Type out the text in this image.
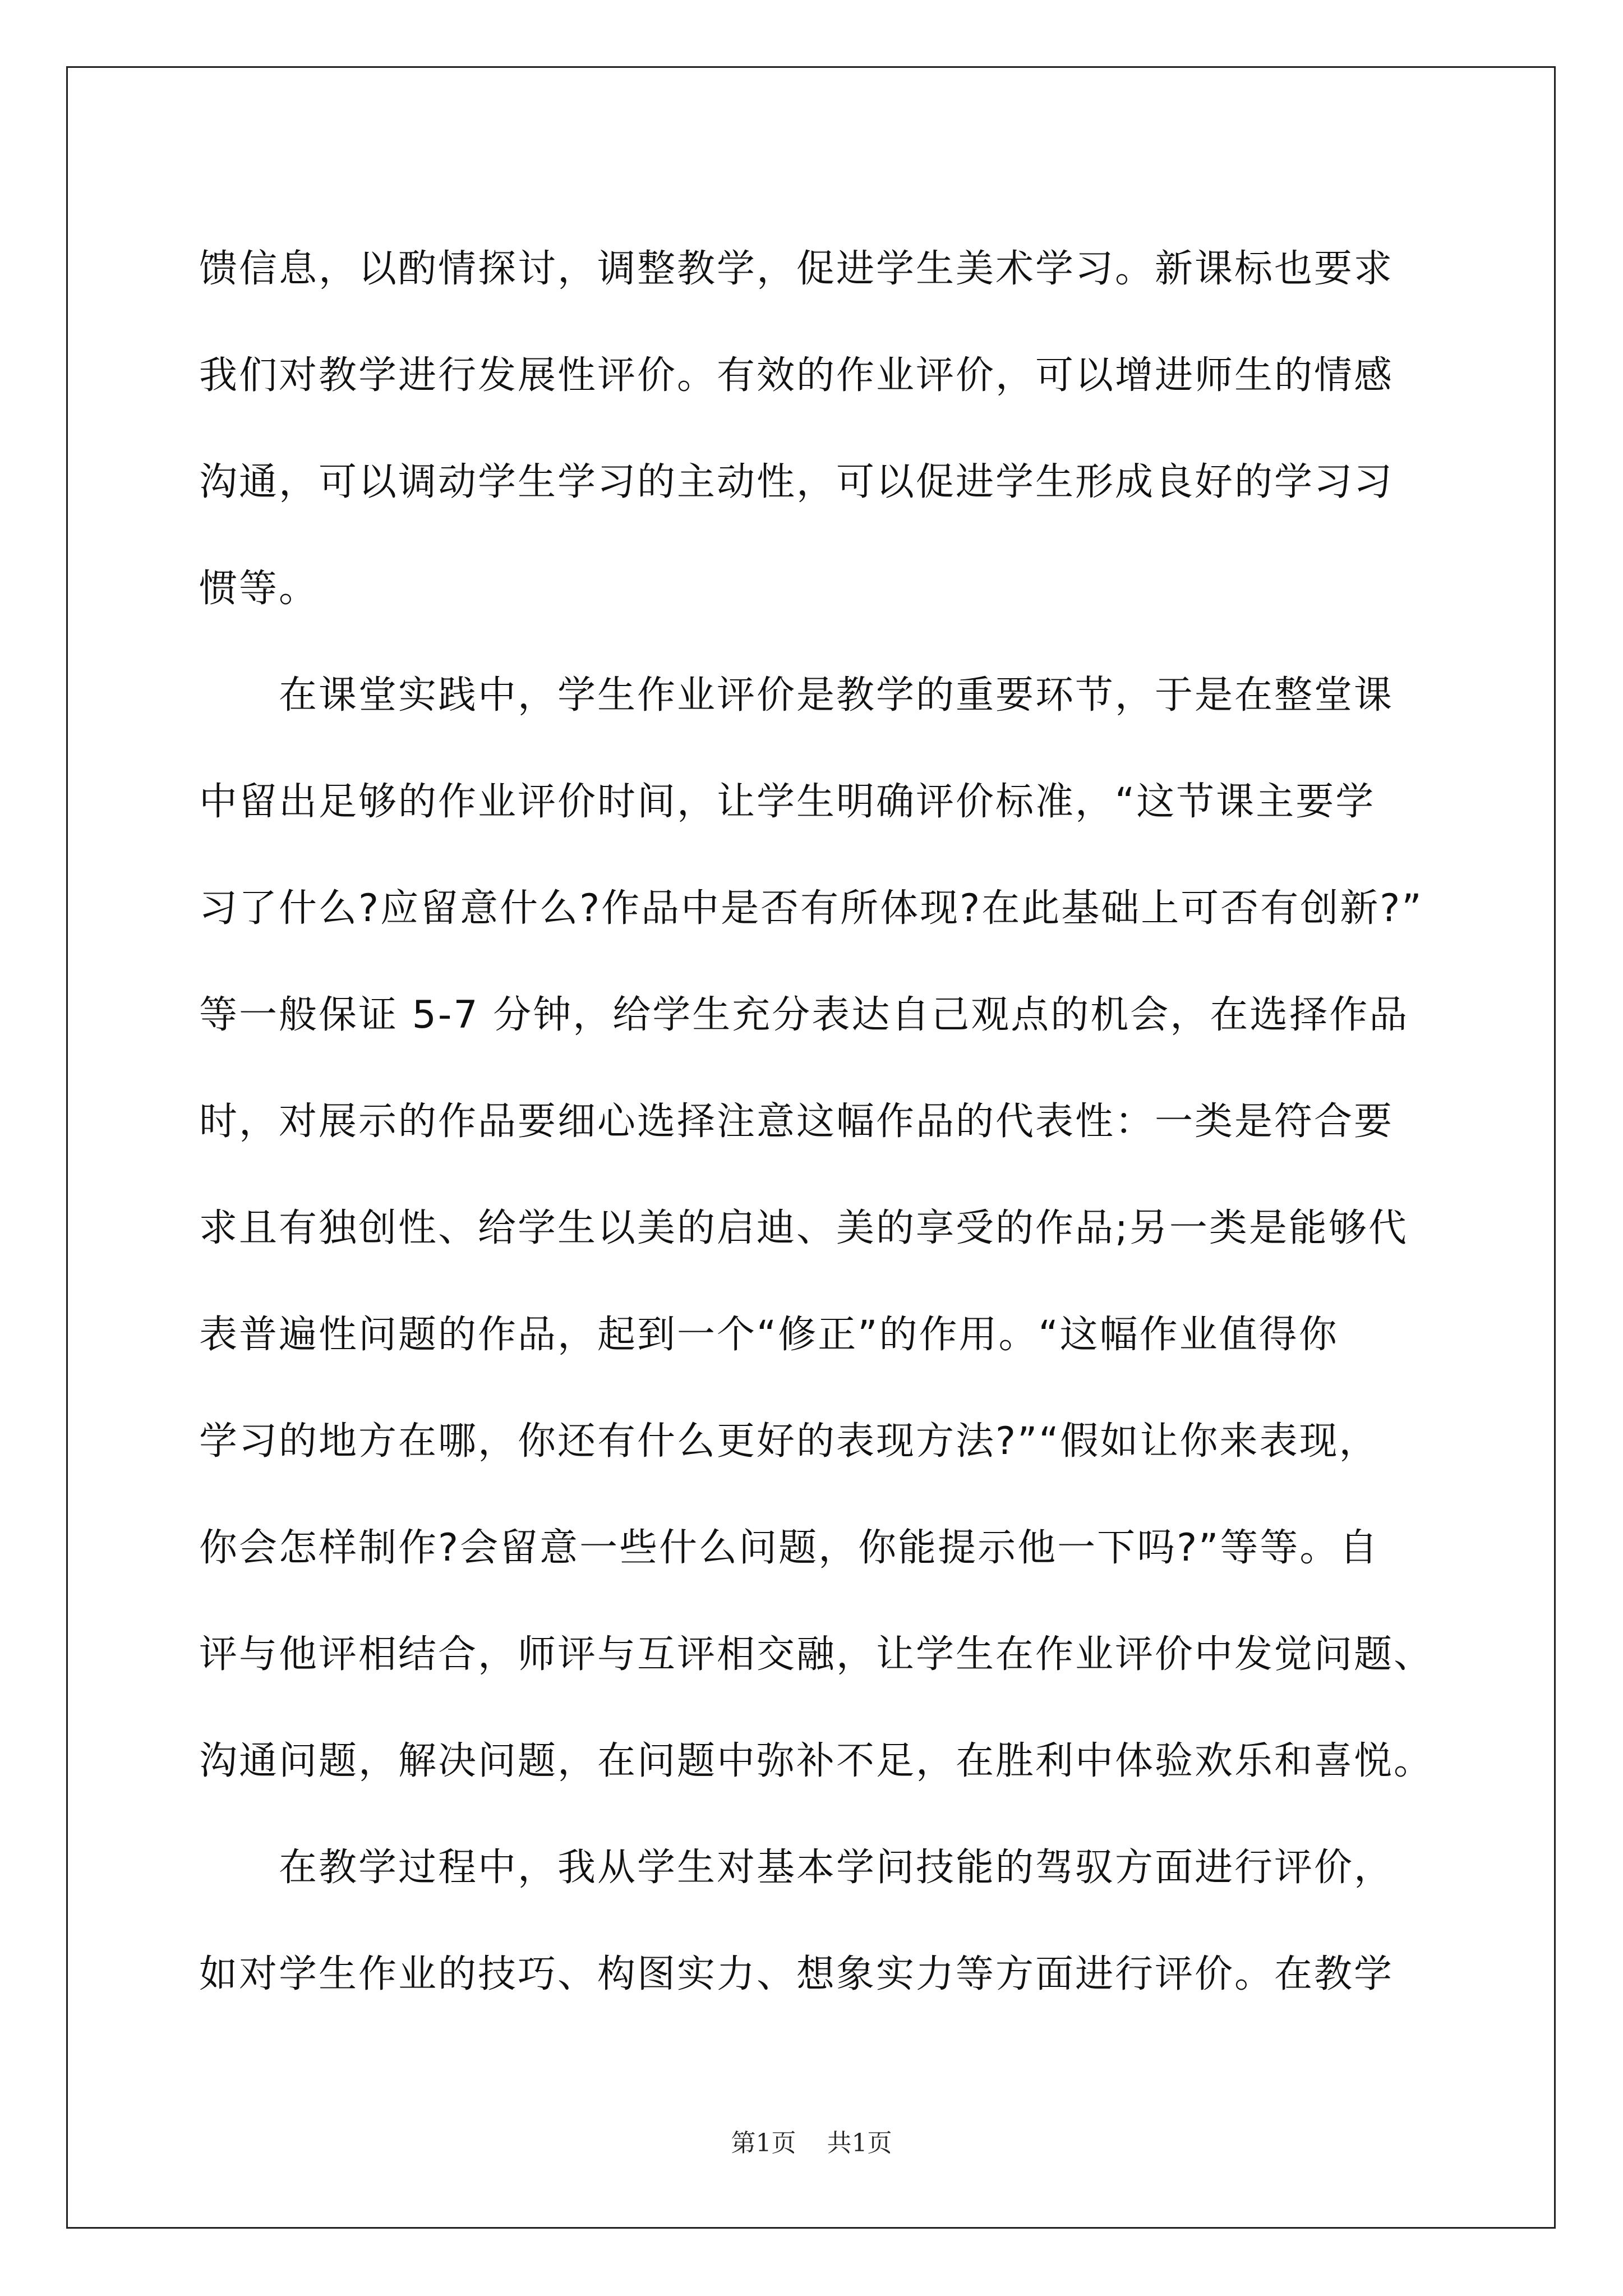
馈信息，以酌情探讨，调整教学，促进学生美术学习。新课标也要求
我们对教学进行发展性评价。有效的作业评价，可以增进师生的情感
沟通，可以调动学生学习的主动性，可以促进学生形成良好的学习习
惯等。
　　在课堂实践中，学生作业评价是教学的重要环节，于是在整堂课
中留出足够的作业评价时间，让学生明确评价标准，“这节课主要学
习了什么?应留意什么?作品中是否有所体现?在此基础上可否有创新?”
等一般保证 5-7 分钟，给学生充分表达自己观点的机会，在选择作品
时，对展示的作品要细心选择注意这幅作品的代表性：一类是符合要
求且有独创性、给学生以美的启迪、美的享受的作品;另一类是能够代
表普遍性问题的作品，起到一个“修正”的作用。“这幅作业值得你
学习的地方在哪，你还有什么更好的表现方法?”“假如让你来表现，
你会怎样制作?会留意一些什么问题，你能提示他一下吗?”等等。自
评与他评相结合，师评与互评相交融，让学生在作业评价中发觉问题、
沟通问题，解决问题，在问题中弥补不足，在胜利中体验欢乐和喜悦。
　　在教学过程中，我从学生对基本学问技能的驾驭方面进行评价，
如对学生作业的技巧、构图实力、想象实力等方面进行评价。在教学
第1页 共1页
